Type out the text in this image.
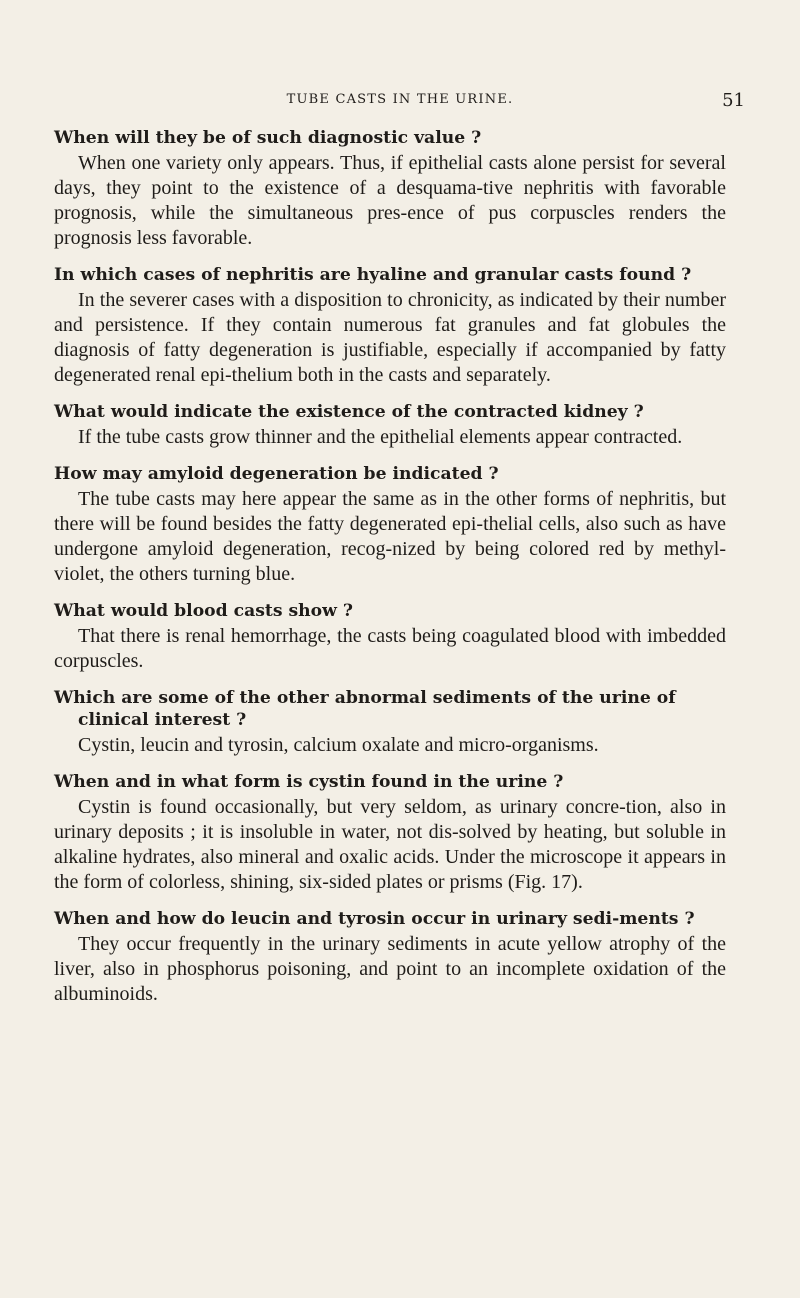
TUBE CASTS IN THE URINE.	51

When will they be of such diagnostic value ?

When one variety only appears. Thus, if epithelial casts alone persist for several days, they point to the existence of a desquama-tive nephritis with favorable prognosis, while the simultaneous pres-ence of pus corpuscles renders the prognosis less favorable.

In which cases of nephritis are hyaline and granular casts found ?

In the severer cases with a disposition to chronicity, as indicated by their number and persistence. If they contain numerous fat granules and fat globules the diagnosis of fatty degeneration is justifiable, especially if accompanied by fatty degenerated renal epi-thelium both in the casts and separately.

What would indicate the existence of the contracted kidney ?

If the tube casts grow thinner and the epithelial elements appear contracted.

How may amyloid degeneration be indicated ?

The tube casts may here appear the same as in the other forms of nephritis, but there will be found besides the fatty degenerated epi-thelial cells, also such as have undergone amyloid degeneration, recog-nized by being colored red by methyl-violet, the others turning blue.

What would blood casts show ?

That there is renal hemorrhage, the casts being coagulated blood with imbedded corpuscles.

Which are some of the other abnormal sediments of the urine of clinical interest ?

Cystin, leucin and tyrosin, calcium oxalate and micro-organisms.

When and in what form is cystin found in the urine ?

Cystin is found occasionally, but very seldom, as urinary concre-tion, also in urinary deposits ; it is insoluble in water, not dis-solved by heating, but soluble in alkaline hydrates, also mineral and oxalic acids. Under the microscope it appears in the form of colorless, shining, six-sided plates or prisms (Fig. 17).

When and how do leucin and tyrosin occur in urinary sedi-ments ?

They occur frequently in the urinary sediments in acute yellow atrophy of the liver, also in phosphorus poisoning, and point to an incomplete oxidation of the albuminoids.
